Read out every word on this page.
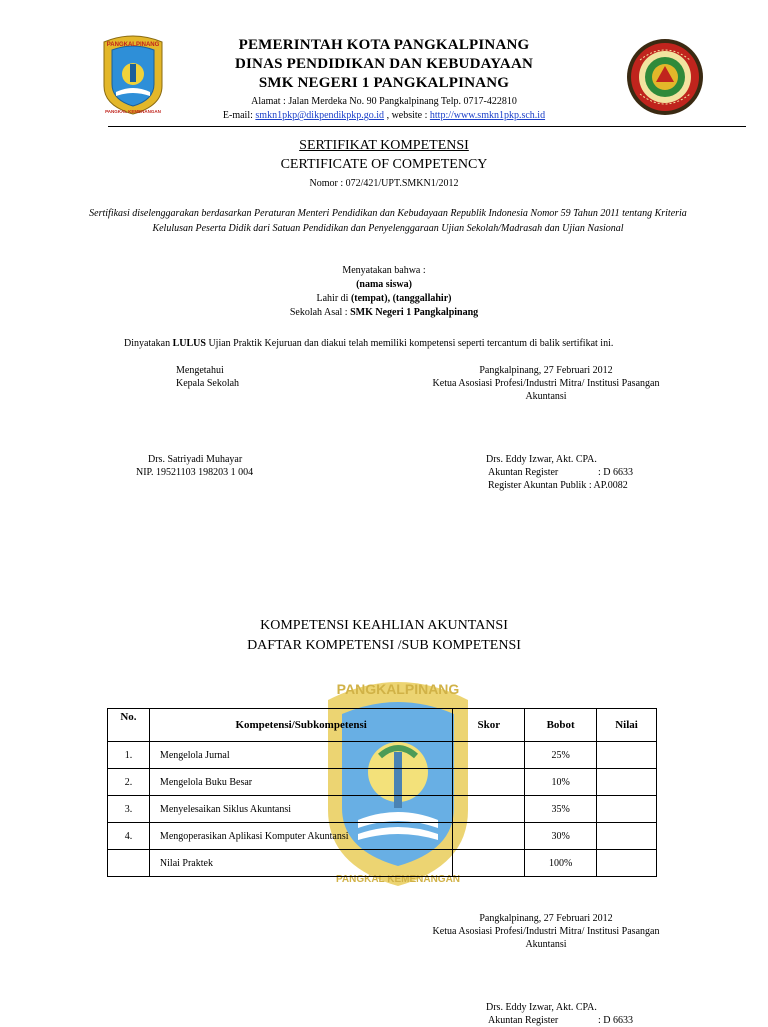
PANGKALPINANG
PANGKAL KEMENANGAN
PEMERINTAH KOTA PANGKALPINANG
DINAS PENDIDIKAN DAN KEBUDAYAAN
SMK NEGERI 1 PANGKALPINANG
Alamat : Jalan Merdeka No. 90 Pangkalpinang Telp. 0717-422810
E-mail: smkn1pkp@dikpendikpkp.go.id , website : http://www.smkn1pkp.sch.id
SERTIFIKAT KOMPETENSI
CERTIFICATE OF COMPETENCY
Nomor : 072/421/UPT.SMKN1/2012
Sertifikasi diselenggarakan berdasarkan Peraturan Menteri Pendidikan dan Kebudayaan Republik Indonesia Nomor 59 Tahun 2011 tentang Kriteria Kelulusan Peserta Didik dari Satuan Pendidikan dan Penyelenggaraan Ujian Sekolah/Madrasah dan Ujian Nasional
Menyatakan bahwa :
(nama siswa)
Lahir di (tempat), (tanggallahir)
Sekolah Asal : SMK Negeri 1 Pangkalpinang
Dinyatakan LULUS Ujian Praktik Kejuruan dan diakui telah memiliki kompetensi seperti tercantum di balik sertifikat ini.
Mengetahui
Kepala Sekolah
Pangkalpinang, 27 Februari 2012
Ketua Asosiasi Profesi/Industri Mitra/ Institusi Pasangan
Akuntansi
Drs. Satriyadi Muhayar
NIP. 19521103 198203 1 004
Drs. Eddy Izwar, Akt. CPA.
Akuntan Register	: D 6633
Register Akuntan Publik : AP.0082
KOMPETENSI KEAHLIAN AKUNTANSI
DAFTAR KOMPETENSI /SUB KOMPETENSI
PANGKALPINANG
PANGKAL KEMENANGAN
No.	Kompetensi/Subkompetensi	Skor	Bobot	Nilai
1.	Mengelola Jurnal		25%	
2.	Mengelola Buku Besar		10%	
3.	Menyelesaikan Siklus Akuntansi		35%	
4.	Mengoperasikan Aplikasi Komputer Akuntansi		30%	
	Nilai Praktek		100%	
Pangkalpinang, 27 Februari 2012
Ketua Asosiasi Profesi/Industri Mitra/ Institusi Pasangan
Akuntansi
Drs. Eddy Izwar, Akt. CPA.
Akuntan Register	: D 6633
